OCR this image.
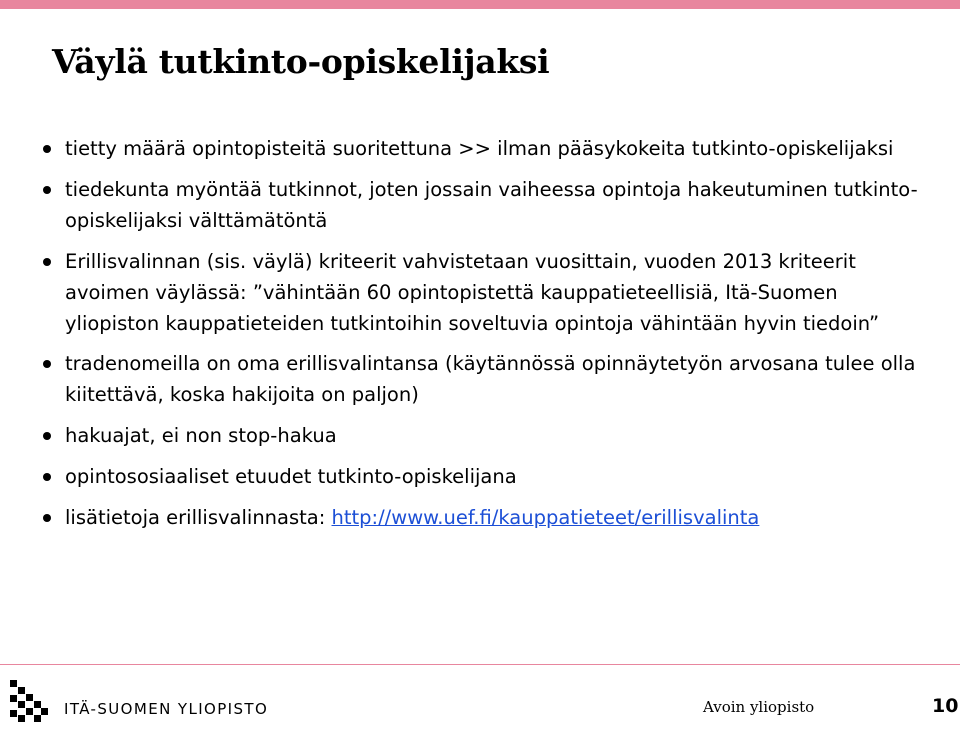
Väylä tutkinto-opiskelijaksi
tietty määrä opintopisteitä suoritettuna >> ilman pääsykokeita tutkinto-opiskelijaksi
tiedekunta myöntää tutkinnot, joten jossain vaiheessa opintoja hakeutuminen tutkinto-opiskelijaksi välttämätöntä
Erillisvalinnan (sis. väylä) kriteerit vahvistetaan vuosittain, vuoden 2013 kriteerit avoimen väylässä: ”vähintään 60 opintopistettä kauppatieteellisiä, Itä-Suomen yliopiston kauppatieteiden tutkintoihin soveltuvia opintoja vähintään hyvin tiedoin”
tradenomeilla on oma erillisvalintansa (käytännössä opinnäytetyön arvosana tulee olla kiitettävä, koska hakijoita on paljon)
hakuajat, ei non stop-hakua
opintososiaaliset etuudet tutkinto-opiskelijana
lisätietoja erillisvalinnasta: http://www.uef.fi/kauppatieteet/erillisvalinta
ITÄ-SUOMEN YLIOPISTO	Avoin yliopisto	10
